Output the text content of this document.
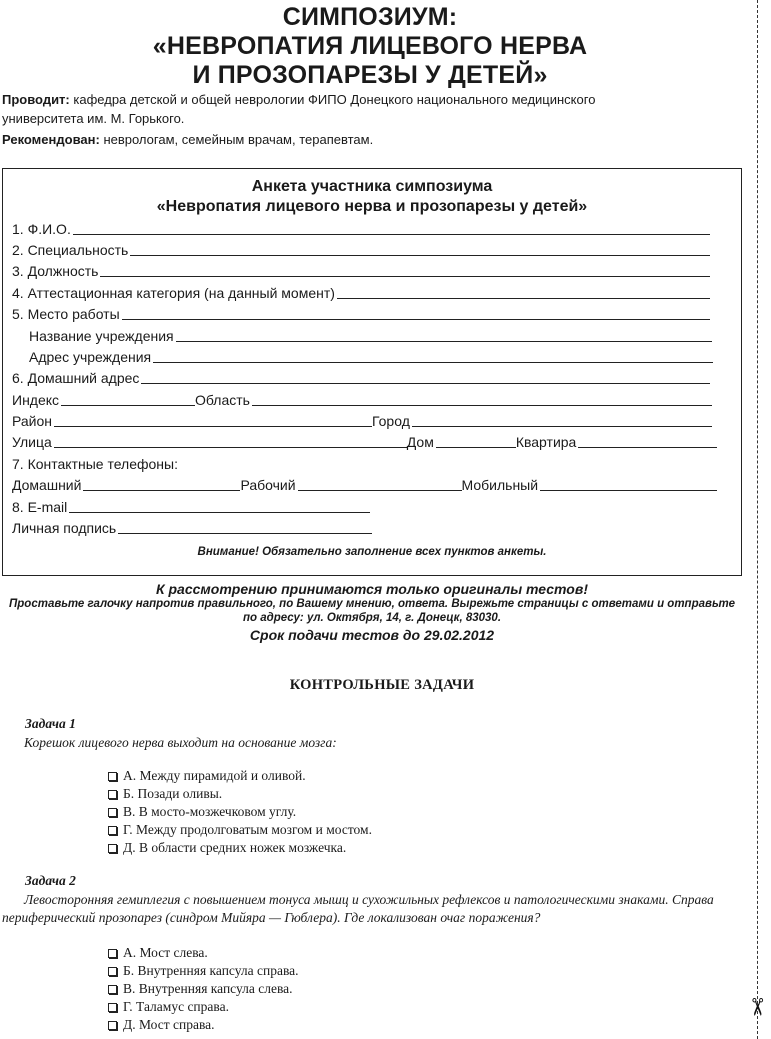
✂
СИМПОЗИУМ:
«НЕВРОПАТИЯ ЛИЦЕВОГО НЕРВА
И ПРОЗОПАРЕЗЫ У ДЕТЕЙ»
Проводит: кафедра детской и общей неврологии ФИПО Донецкого национального медицинского
университета им. М. Горького.
Рекомендован: неврологам, семейным врачам, терапевтам.
Анкета участника симпозиума
«Невропатия лицевого нерва и прозопарезы у детей»
1. Ф.И.О.
2. Специальность
3. Должность
4. Аттестационная категория (на данный момент)
5. Место работы
Название учреждения
Адрес учреждения
6. Домашний адрес
Индекс	Область
Район	Город
Улица	Дом	Квартира
7. Контактные телефоны:
Домашний	Рабочий	Мобильный
8. E-mail
Личная подпись
Внимание! Обязательно заполнение всех пунктов анкеты.
К рассмотрению принимаются только оригиналы тестов!
Проставьте галочку напротив правильного, по Вашему мнению, ответа. Вырежьте страницы с ответами и отправьте
по адресу: ул. Октября, 14, г. Донецк, 83030.
Срок подачи тестов до 29.02.2012
КОНТРОЛЬНЫЕ ЗАДАЧИ
Задача 1
Корешок лицевого нерва выходит на основание мозга:
А. Между пирамидой и оливой.
Б. Позади оливы.
В. В мосто-мозжечковом углу.
Г. Между продолговатым мозгом и мостом.
Д. В области средних ножек мозжечка.
Задача 2
Левосторонняя гемиплегия с повышением тонуса мышц и сухожильных рефлексов и патологическими знаками. Справа периферический прозопарез (синдром Мийяра — Гюблера). Где локализован очаг поражения?
А. Мост слева.
Б. Внутренняя капсула справа.
В. Внутренняя капсула слева.
Г. Таламус справа.
Д. Мост справа.
